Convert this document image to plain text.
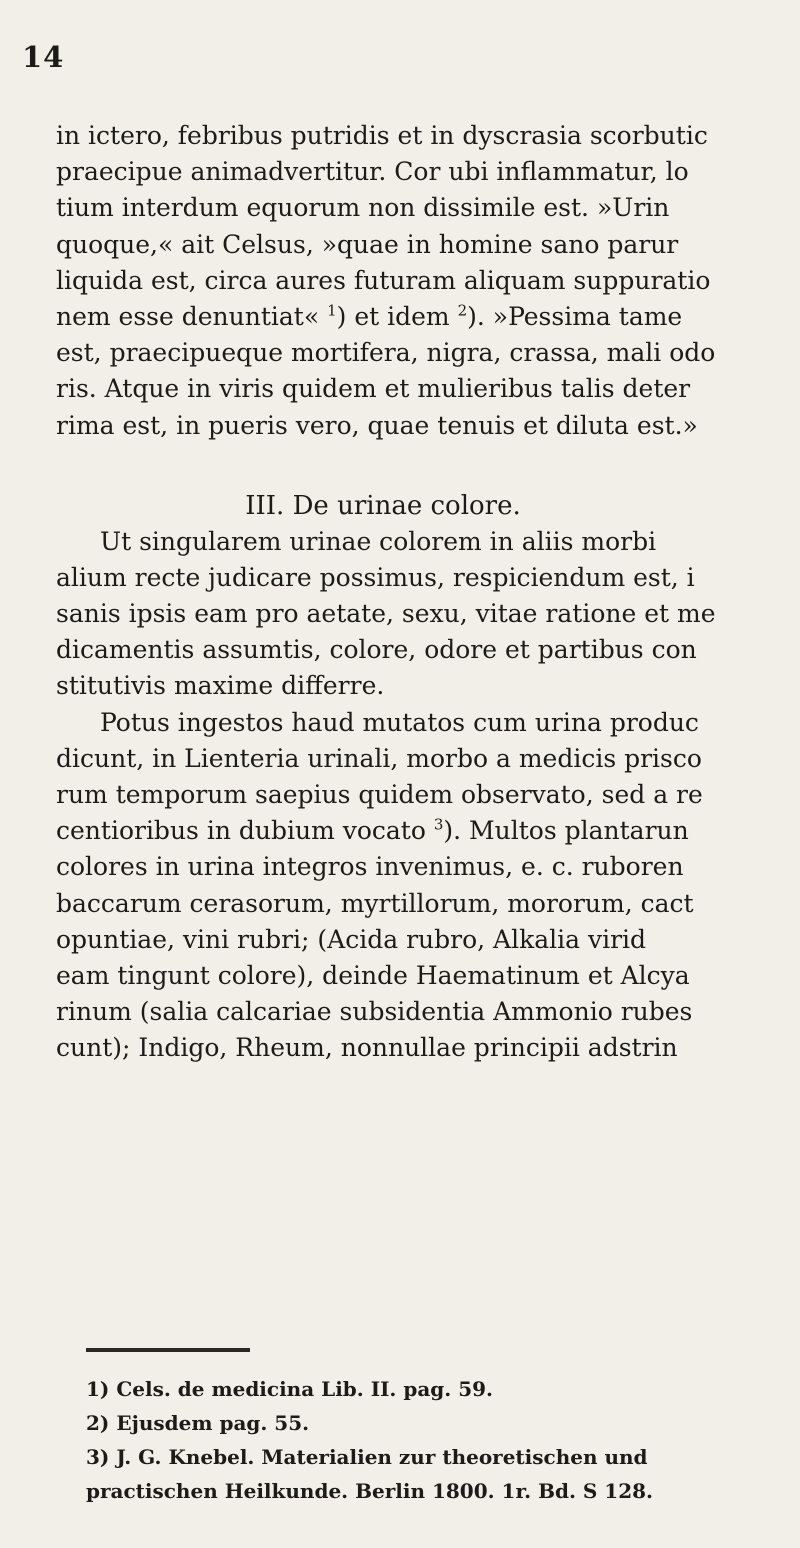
14
in ictero, febribus putridis et in dyscrasia scorbutic
praecipue animadvertitur. Cor ubi inflammatur, lo
tium interdum equorum non dissimile est. »Urin
quoque,« ait Celsus, »quae in homine sano parur
liquida est, circa aures futuram aliquam suppuratio
nem esse denuntiat« $^1$) et idem $^2$). »Pessima tame
est, praecipueque mortifera, nigra, crassa, mali odo
ris. Atque in viris quidem et mulieribus talis deter
rima est, in pueris vero, quae tenuis et diluta est.»
III. De urinae colore.
Ut singularem urinae colorem in aliis morbi
alium recte judicare possimus, respiciendum est, i
sanis ipsis eam pro aetate, sexu, vitae ratione et me
dicamentis assumtis, colore, odore et partibus con
stitutivis maxime differre.
Potus ingestos haud mutatos cum urina produc
dicunt, in Lienteria urinali, morbo a medicis prisco
rum temporum saepius quidem observato, sed a re
centioribus in dubium vocato $^3$). Multos plantarun
colores in urina integros invenimus, e. c. ruboren
baccarum cerasorum, myrtillorum, mororum, cact
opuntiae, vini rubri; (Acida rubro, Alkalia virid
eam tingunt colore), deinde Haematinum et Alcya
rinum (salia calcariae subsidentia Ammonio rubes
cunt); Indigo, Rheum, nonnullae principii adstrin
1) Cels. de medicina Lib. II. pag. 59.
2) Ejusdem pag. 55.
3) J. G. Knebel. Materialien zur theoretischen und
practischen Heilkunde. Berlin 1800. 1r. Bd. S 128.
